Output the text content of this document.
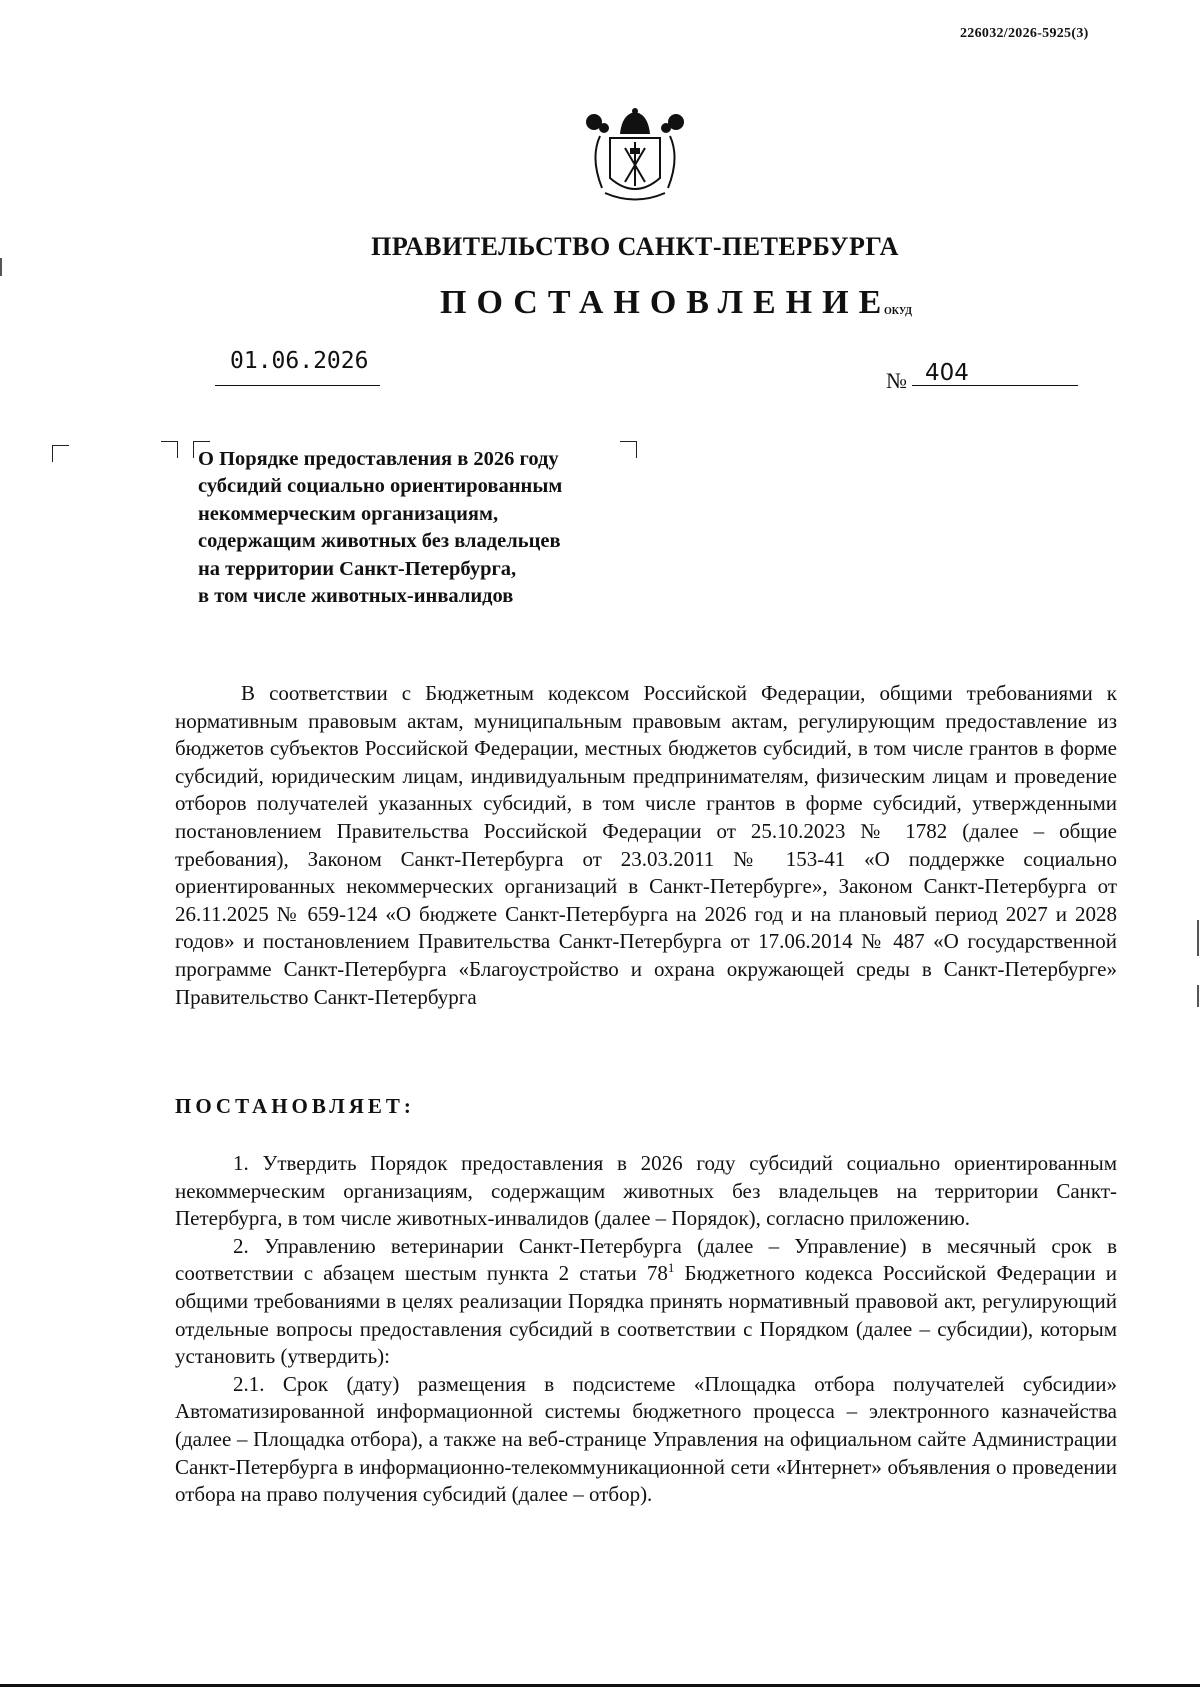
226032/2026-5925(3)
ПРАВИТЕЛЬСТВО САНКТ-ПЕТЕРБУРГА
ПОСТАНОВЛЕНИЕ
ОКУД
01.06.2026
№ 404
О Порядке предоставления в 2026 году
субсидий социально ориентированным
некоммерческим организациям,
содержащим животных без владельцев
на территории Санкт-Петербурга,
в том числе животных-инвалидов

В соответствии с Бюджетным кодексом Российской Федерации, общими требованиями к нормативным правовым актам, муниципальным правовым актам, регулирующим предоставление из бюджетов субъектов Российской Федерации, местных бюджетов субсидий, в том числе грантов в форме субсидий, юридическим лицам, индивидуальным предпринимателям, физическим лицам и проведение отборов получателей указанных субсидий, в том числе грантов в форме субсидий, утвержденными постановлением Правительства Российской Федерации от 25.10.2023 № 1782 (далее – общие требования), Законом Санкт-Петербурга от 23.03.2011 № 153-41 «О поддержке социально ориентированных некоммерческих организаций в Санкт-Петербурге», Законом Санкт-Петербурга от 26.11.2025 № 659-124 «О бюджете Санкт-Петербурга на 2026 год и на плановый период 2027 и 2028 годов» и постановлением Правительства Санкт-Петербурга от 17.06.2014 № 487 «О государственной программе Санкт-Петербурга «Благоустройство и охрана окружающей среды в Санкт-Петербурге» Правительство Санкт-Петербурга

ПОСТАНОВЛЯЕТ:

1. Утвердить Порядок предоставления в 2026 году субсидий социально ориентированным некоммерческим организациям, содержащим животных без владельцев на территории Санкт-Петербурга, в том числе животных-инвалидов (далее – Порядок), согласно приложению.

2. Управлению ветеринарии Санкт-Петербурга (далее – Управление) в месячный срок в соответствии с абзацем шестым пункта 2 статьи $78^1$ Бюджетного кодекса Российской Федерации и общими требованиями в целях реализации Порядка принять нормативный правовой акт, регулирующий отдельные вопросы предоставления субсидий в соответствии с Порядком (далее – субсидии), которым установить (утвердить):

2.1. Срок (дату) размещения в подсистеме «Площадка отбора получателей субсидии» Автоматизированной информационной системы бюджетного процесса – электронного казначейства (далее – Площадка отбора), а также на веб-странице Управления на официальном сайте Администрации Санкт-Петербурга в информационно-телекоммуникационной сети «Интернет» объявления о проведении отбора на право получения субсидий (далее – отбор).
